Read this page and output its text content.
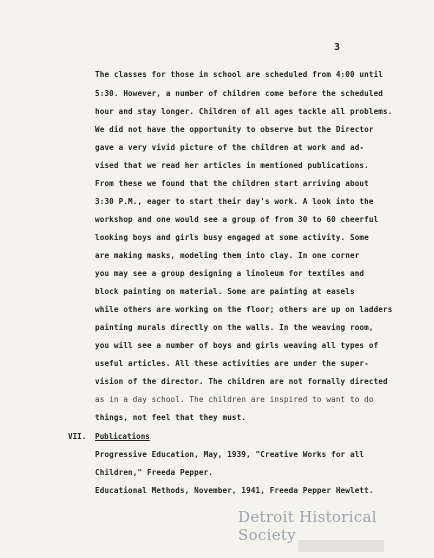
3
The classes for those in school are scheduled from 4:00 until
5:30. However, a number of children come before the scheduled
hour and stay longer. Children of all ages tackle all problems.
We did not have the opportunity to observe but the Director
gave a very vivid picture of the children at work and ad-
vised that we read her articles in mentioned publications.
From these we found that the children start arriving about
3:30 P.M., eager to start their day's work. A look into the
workshop and one would see a group of from 30 to 60 cheerful
looking boys and girls busy engaged at some activity. Some
are making masks, modeling them into clay. In one corner
you may see a group designing a linoleum for textiles and
block painting on material. Some are painting at easels
while others are working on the floor; others are up on ladders
painting murals directly on the walls. In the weaving room,
you will see a number of boys and girls weaving all types of
useful articles. All these activities are under the super-
vision of the director. The children are not formally directed
as in a day school. The children are inspired to want to do
things, not feel that they must.
VII. Publications
Progressive Education, May, 1939, "Creative Works for all
Children," Freeda Pepper.
Educational Methods, November, 1941, Freeda Pepper Hewlett.
Detroit Historical Society
